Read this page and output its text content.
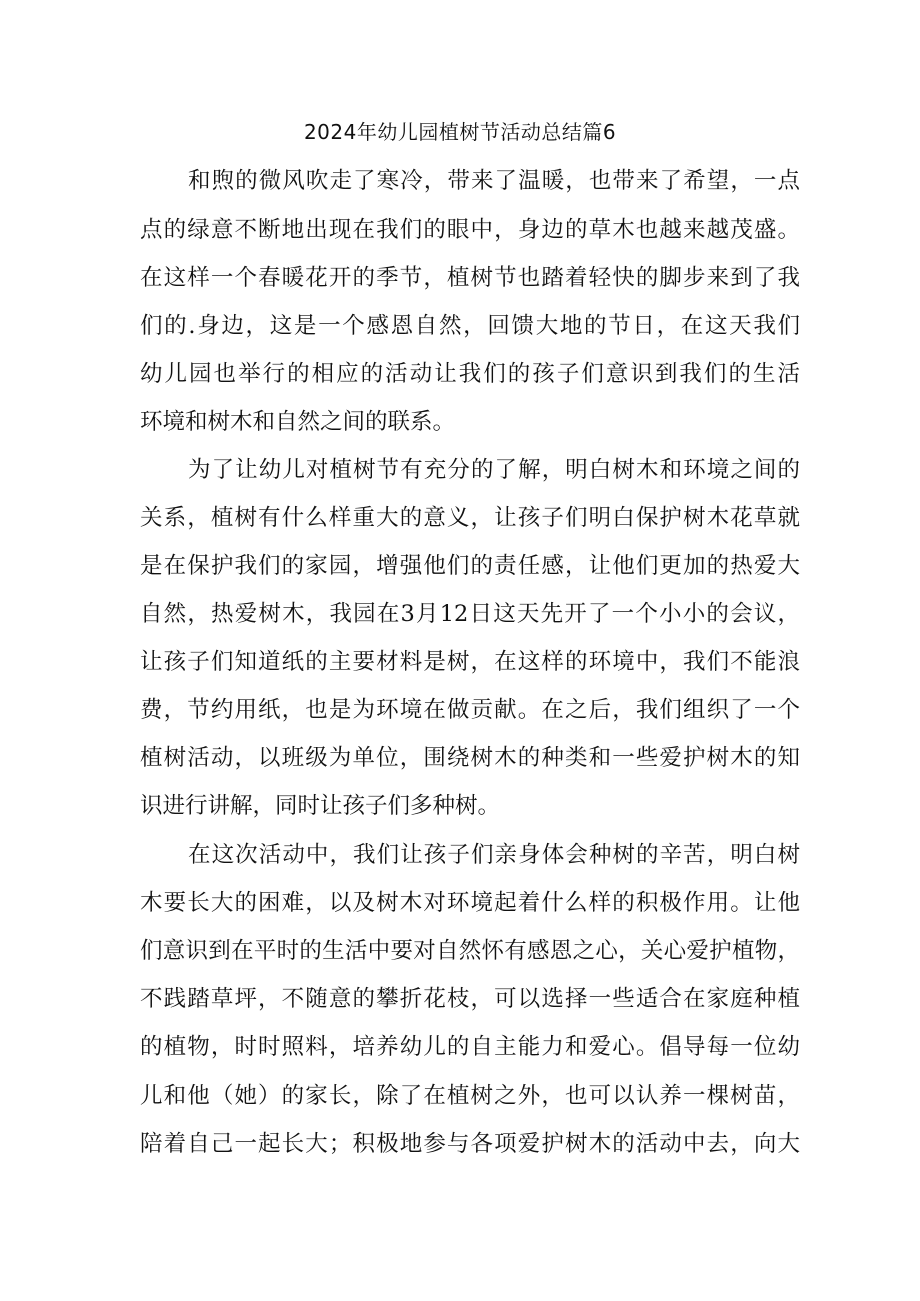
2024年幼儿园植树节活动总结篇6
和煦的微风吹走了寒冷，带来了温暖，也带来了希望，一点
点的绿意不断地出现在我们的眼中，身边的草木也越来越茂盛。
在这样一个春暖花开的季节，植树节也踏着轻快的脚步来到了我
们的.身边，这是一个感恩自然，回馈大地的节日，在这天我们
幼儿园也举行的相应的活动让我们的孩子们意识到我们的生活
环境和树木和自然之间的联系。
为了让幼儿对植树节有充分的了解，明白树木和环境之间的
关系，植树有什么样重大的意义，让孩子们明白保护树木花草就
是在保护我们的家园，增强他们的责任感，让他们更加的热爱大
自然，热爱树木，我园在3月12日这天先开了一个小小的会议，
让孩子们知道纸的主要材料是树，在这样的环境中，我们不能浪
费，节约用纸，也是为环境在做贡献。在之后，我们组织了一个
植树活动，以班级为单位，围绕树木的种类和一些爱护树木的知
识进行讲解，同时让孩子们多种树。
在这次活动中，我们让孩子们亲身体会种树的辛苦，明白树
木要长大的困难，以及树木对环境起着什么样的积极作用。让他
们意识到在平时的生活中要对自然怀有感恩之心，关心爱护植物，
不践踏草坪，不随意的攀折花枝，可以选择一些适合在家庭种植
的植物，时时照料，培养幼儿的自主能力和爱心。倡导每一位幼
儿和他（她）的家长，除了在植树之外，也可以认养一棵树苗，
陪着自己一起长大；积极地参与各项爱护树木的活动中去，向大
